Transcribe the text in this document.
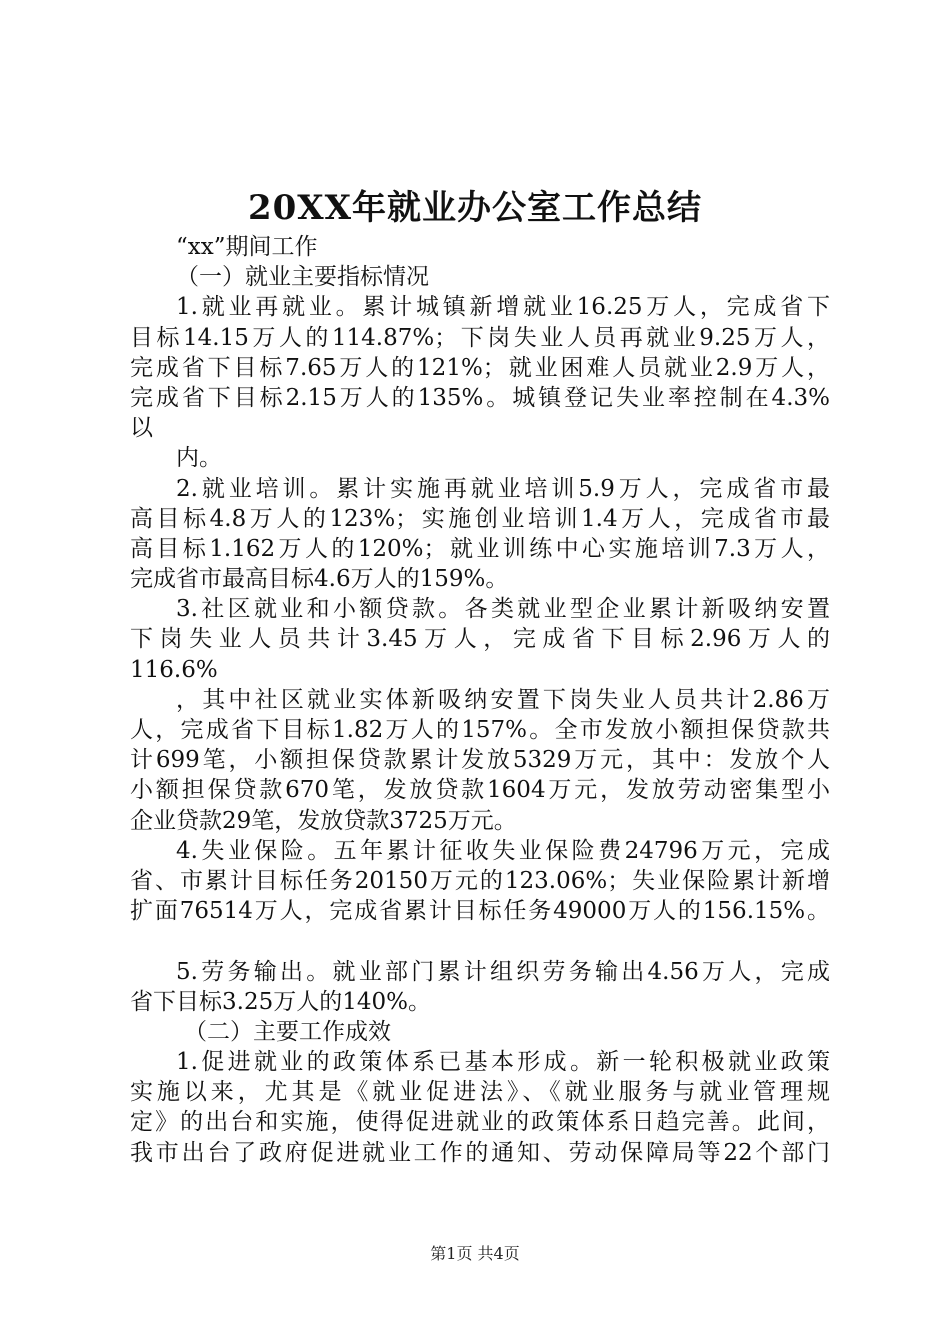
20XX年就业办公室工作总结
“xx”期间工作
（一）就业主要指标情况
1.就业再就业。累计城镇新增就业16.25万人，完成省下
目标14.15万人的114.87%；下岗失业人员再就业9.25万人，
完成省下目标7.65万人的121%；就业困难人员就业2.9万人，
完成省下目标2.15万人的135%。城镇登记失业率控制在4.3%
以
内。
2.就业培训。累计实施再就业培训5.9万人，完成省市最
高目标4.8万人的123%；实施创业培训1.4万人，完成省市最
高目标1.162万人的120%；就业训练中心实施培训7.3万人，
完成省市最高目标4.6万人的159%。
3.社区就业和小额贷款。各类就业型企业累计新吸纳安置
下岗失业人员共计3.45万人，完成省下目标2.96万人的
116.6%
，其中社区就业实体新吸纳安置下岗失业人员共计2.86万
人，完成省下目标1.82万人的157%。全市发放小额担保贷款共
计699笔，小额担保贷款累计发放5329万元，其中：发放个人
小额担保贷款670笔，发放贷款1604万元，发放劳动密集型小
企业贷款29笔，发放贷款3725万元。
4.失业保险。五年累计征收失业保险费24796万元，完成
省、市累计目标任务20150万元的123.06%；失业保险累计新增
扩面76514万人，完成省累计目标任务49000万人的156.15%。
5.劳务输出。就业部门累计组织劳务输出4.56万人，完成
省下目标3.25万人的140%。
（二）主要工作成效
1.促进就业的政策体系已基本形成。新一轮积极就业政策
实施以来，尤其是《就业促进法》、《就业服务与就业管理规
定》的出台和实施，使得促进就业的政策体系日趋完善。此间，
我市出台了政府促进就业工作的通知、劳动保障局等22个部门
第1页 共4页
